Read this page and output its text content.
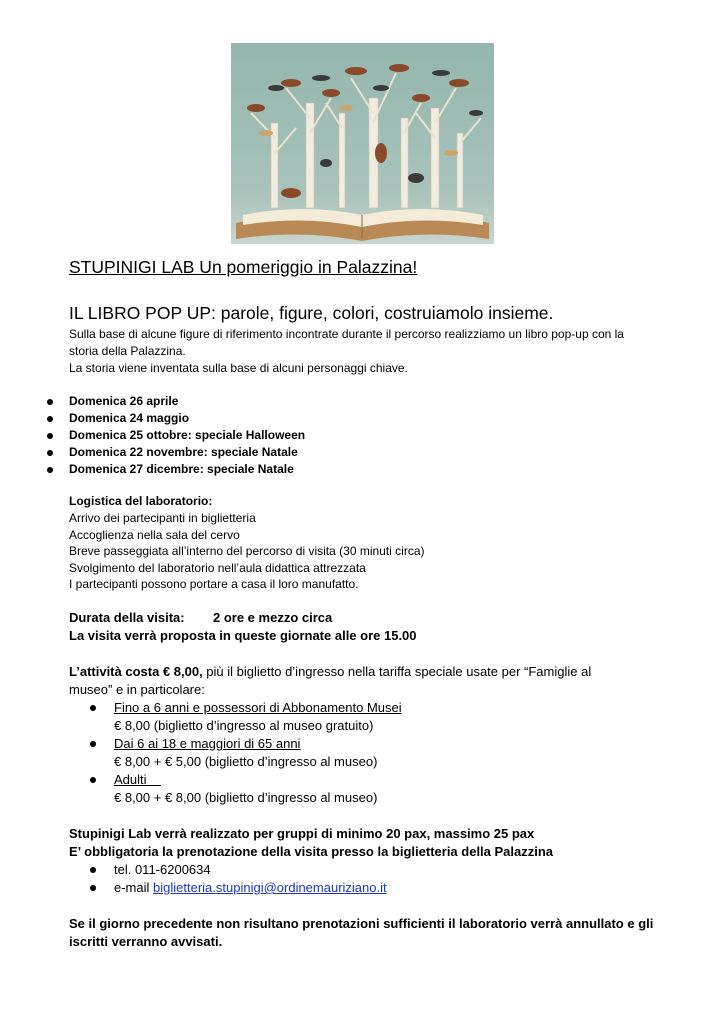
STUPINIGI LAB Un pomeriggio in Palazzina!
IL LIBRO POP UP: parole, figure, colori, costruiamolo insieme.
Sulla base di alcune figure di riferimento incontrate durante il percorso realizziamo un libro pop-up con la
storia della Palazzina.
La storia viene inventata sulla base di alcuni personaggi chiave.
Domenica 26 aprile
Domenica 24 maggio
Domenica 25 ottobre: speciale Halloween
Domenica 22 novembre: speciale Natale
Domenica 27 dicembre: speciale Natale
Logistica del laboratorio:
Arrivo dei partecipanti in biglietteria
Accoglienza nella sala del cervo
Breve passeggiata all’interno del percorso di visita (30 minuti circa)
Svolgimento del laboratorio nell’aula didattica attrezzata
I partecipanti possono portare a casa il loro manufatto.
Durata della visita: 2 ore e mezzo circa
La visita verrà proposta in queste giornate alle ore 15.00
L’attività costa € 8,00, più il biglietto d’ingresso nella tariffa speciale usate per “Famiglie al
museo” e in particolare:
Fino a 6 anni e possessori di Abbonamento Musei
€ 8,00 (biglietto d’ingresso al museo gratuito)
Dai 6 ai 18 e maggiori di 65 anni
€ 8,00 + € 5,00 (biglietto d’ingresso al museo)
Adulti
€ 8,00 + € 8,00 (biglietto d’ingresso al museo)
Stupinigi Lab verrà realizzato per gruppi di minimo 20 pax, massimo 25 pax
E’ obbligatoria la prenotazione della visita presso la biglietteria della Palazzina
tel. 011-6200634
e-mail biglietteria.stupinigi@ordinemauriziano.it
Se il giorno precedente non risultano prenotazioni sufficienti il laboratorio verrà annullato e gli
iscritti verranno avvisati.
